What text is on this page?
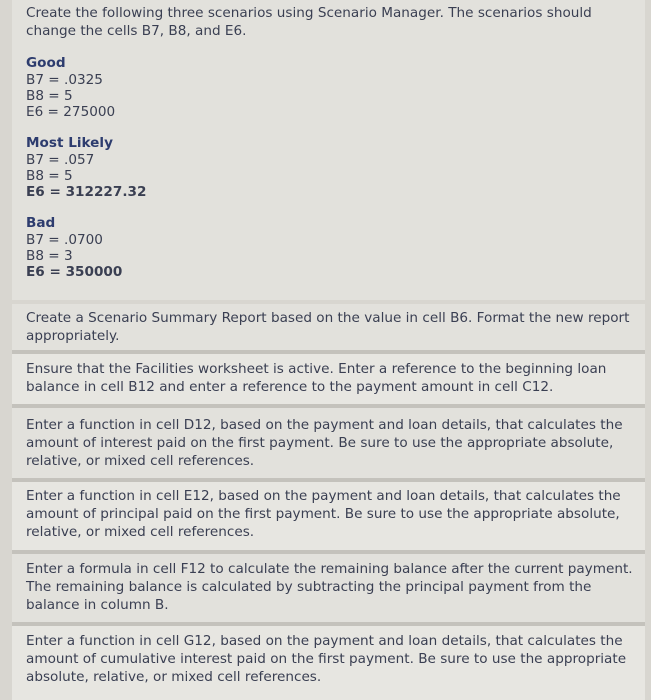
Create the following three scenarios using Scenario Manager. The scenarios should change the cells B7, B8, and E6.

Good

B7 = .0325

B8 = 5

E6 = 275000

Most Likely

B7 = .057

B8 = 5

E6 = 312227.32

Bad

B7 = .0700

B8 = 3

E6 = 350000

Create a Scenario Summary Report based on the value in cell B6. Format the new report appropriately.

Ensure that the Facilities worksheet is active. Enter a reference to the beginning loan balance in cell B12 and enter a reference to the payment amount in cell C12.

Enter a function in cell D12, based on the payment and loan details, that calculates the amount of interest paid on the first payment. Be sure to use the appropriate absolute, relative, or mixed cell references.

Enter a function in cell E12, based on the payment and loan details, that calculates the amount of principal paid on the first payment. Be sure to use the appropriate absolute, relative, or mixed cell references.

Enter a formula in cell F12 to calculate the remaining balance after the current payment. The remaining balance is calculated by subtracting the principal payment from the balance in column B.

Enter a function in cell G12, based on the payment and loan details, that calculates the amount of cumulative interest paid on the first payment. Be sure to use the appropriate absolute, relative, or mixed cell references.
